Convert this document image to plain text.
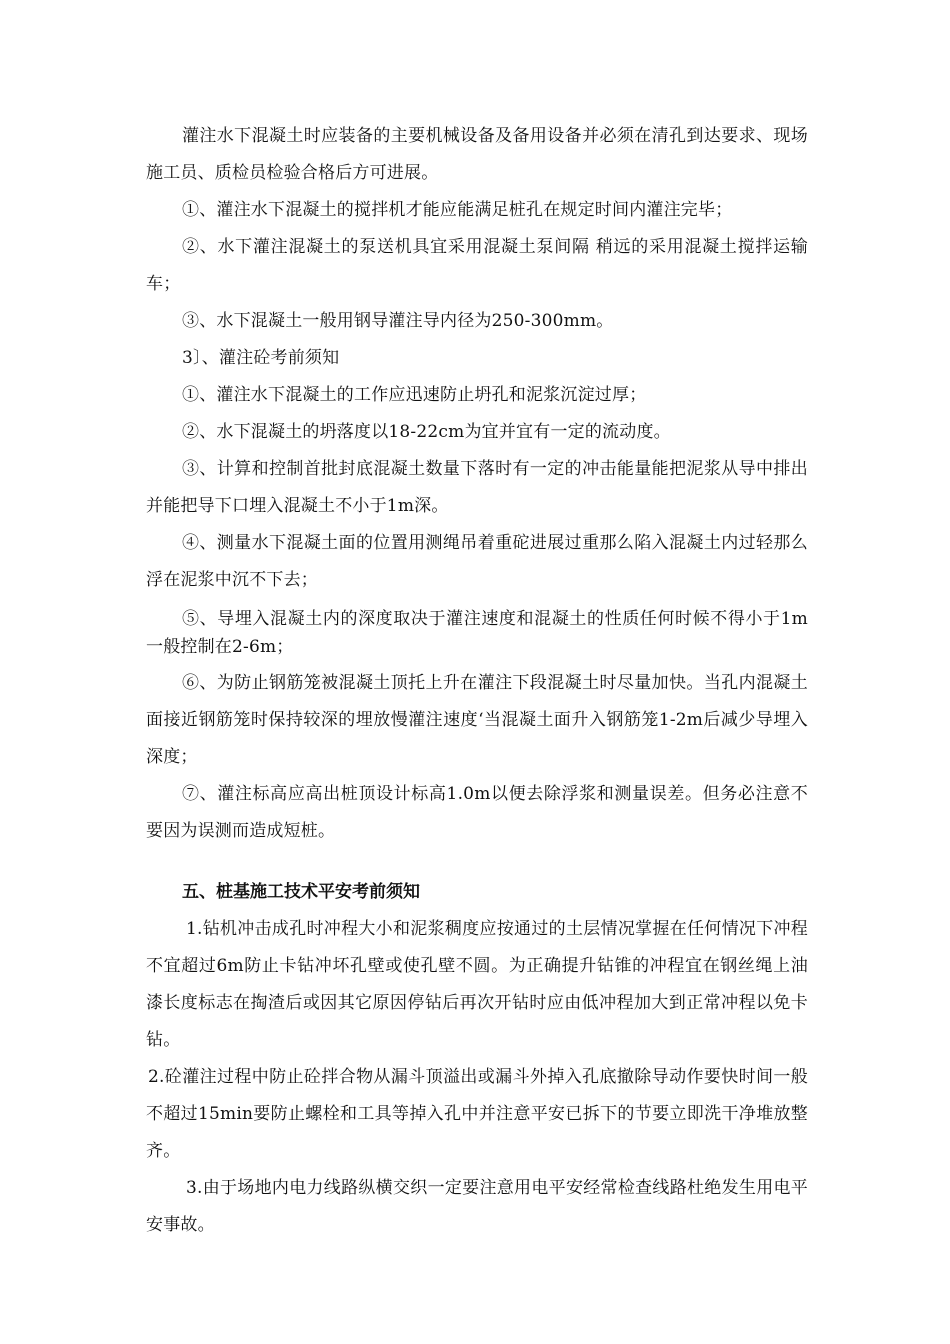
灌注水下混凝土时应装备的主要机械设备及备用设备并必须在清孔到达要求、现场施工员、质检员检验合格后方可进展。

①、灌注水下混凝土的搅拌机才能应能满足桩孔在规定时间内灌注完毕；

②、水下灌注混凝土的泵送机具宜采用混凝土泵间隔 稍远的采用混凝土搅拌运输车；

③、水下混凝土一般用钢导灌注导内径为250-300mm。

3〕、灌注砼考前须知

①、灌注水下混凝土的工作应迅速防止坍孔和泥浆沉淀过厚；

②、水下混凝土的坍落度以18-22cm为宜并宜有一定的流动度。

③、计算和控制首批封底混凝土数量下落时有一定的冲击能量能把泥浆从导中排出并能把导下口埋入混凝土不小于1m深。

④、测量水下混凝土面的位置用测绳吊着重砣进展过重那么陷入混凝土内过轻那么浮在泥浆中沉不下去；

⑤、导埋入混凝土内的深度取决于灌注速度和混凝土的性质任何时候不得小于1m一般控制在2-6m；

⑥、为防止钢筋笼被混凝土顶托上升在灌注下段混凝土时尽量加快。当孔内混凝土面接近钢筋笼时保持较深的埋放慢灌注速度‘当混凝土面升入钢筋笼1-2m后减少导埋入深度；

⑦、灌注标高应高出桩顶设计标高1.0m以便去除浮浆和测量误差。但务必注意不要因为误测而造成短桩。

五、桩基施工技术平安考前须知

1.钻机冲击成孔时冲程大小和泥浆稠度应按通过的土层情况掌握在任何情况下冲程不宜超过6m防止卡钻冲坏孔壁或使孔壁不圆。为正确提升钻锥的冲程宜在钢丝绳上油漆长度标志在掏渣后或因其它原因停钻后再次开钻时应由低冲程加大到正常冲程以免卡钻。

2.砼灌注过程中防止砼拌合物从漏斗顶溢出或漏斗外掉入孔底撤除导动作要快时间一般不超过15min要防止螺栓和工具等掉入孔中并注意平安已拆下的节要立即洗干净堆放整齐。

3.由于场地内电力线路纵横交织一定要注意用电平安经常检查线路杜绝发生用电平安事故。
